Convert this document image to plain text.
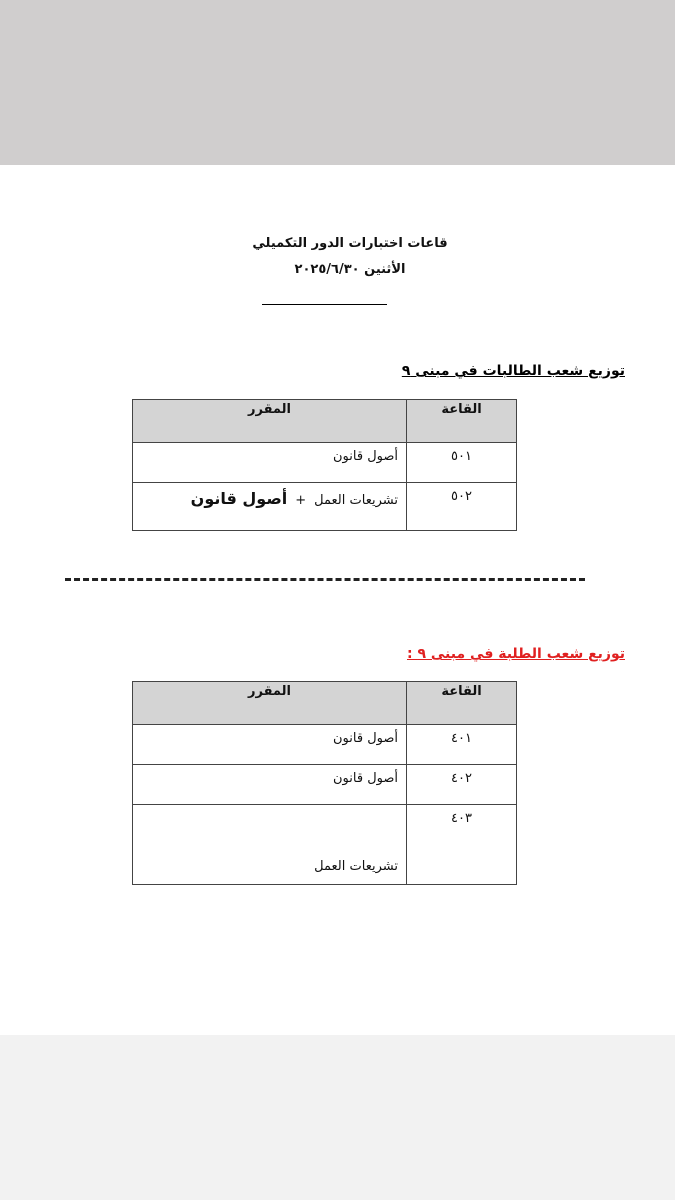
قاعات اختبارات الدور التكميلي
الأثنين ٢٠٢٥/٦/٣٠
توزيع شعب الطالبات في مبنى ٩
القاعة	المقرر
٥٠١	أصول قانون
٥٠٢	تشريعات العمل+أصول قانون
توزيع شعب الطلبة في مبنى ٩ :
القاعة	المقرر
٤٠١	أصول قانون
٤٠٢	أصول قانون
٤٠٣	تشريعات العمل
